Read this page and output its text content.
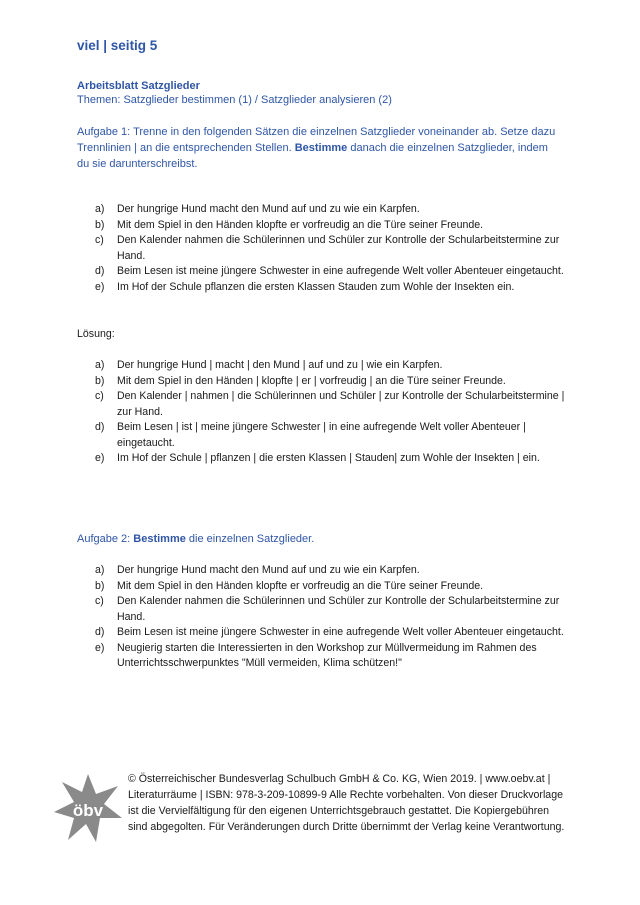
viel | seitig 5
Arbeitsblatt Satzglieder
Themen: Satzglieder bestimmen (1) / Satzglieder analysieren (2)
Aufgabe 1: Trenne in den folgenden Sätzen die einzelnen Satzglieder voneinander ab. Setze dazu Trennlinien | an die entsprechenden Stellen. Bestimme danach die einzelnen Satzglieder, indem du sie darunterschreibst.
a)	Der hungrige Hund macht den Mund auf und zu wie ein Karpfen.
b)	Mit dem Spiel in den Händen klopfte er vorfreudig an die Türe seiner Freunde.
c)	Den Kalender nahmen die Schülerinnen und Schüler zur Kontrolle der Schularbeitstermine zur Hand.
d)	Beim Lesen ist meine jüngere Schwester in eine aufregende Welt voller Abenteuer eingetaucht.
e)	Im Hof der Schule pflanzen die ersten Klassen Stauden zum Wohle der Insekten ein.
Lösung:
a)	Der hungrige Hund | macht | den Mund | auf und zu | wie ein Karpfen.
b)	Mit dem Spiel in den Händen | klopfte | er | vorfreudig | an die Türe seiner Freunde.
c)	Den Kalender | nahmen | die Schülerinnen und Schüler | zur Kontrolle der Schularbeitstermine | zur Hand.
d)	Beim Lesen | ist | meine jüngere Schwester | in eine aufregende Welt voller Abenteuer | eingetaucht.
e)	Im Hof der Schule | pflanzen | die ersten Klassen | Stauden| zum Wohle der Insekten | ein.
Aufgabe 2: Bestimme die einzelnen Satzglieder.
a)	Der hungrige Hund macht den Mund auf und zu wie ein Karpfen.
b)	Mit dem Spiel in den Händen klopfte er vorfreudig an die Türe seiner Freunde.
c)	Den Kalender nahmen die Schülerinnen und Schüler zur Kontrolle der Schularbeitstermine zur Hand.
d)	Beim Lesen ist meine jüngere Schwester in eine aufregende Welt voller Abenteuer eingetaucht.
e)	Neugierig starten die Interessierten in den Workshop zur Müllvermeidung im Rahmen des Unterrichtsschwerpunktes "Müll vermeiden, Klima schützen!"
öbv
© Österreichischer Bundesverlag Schulbuch GmbH & Co. KG, Wien 2019. | www.oebv.at | Literaturräume | ISBN: 978-3-209-10899-9 Alle Rechte vorbehalten. Von dieser Druckvorlage ist die Vervielfältigung für den eigenen Unterrichtsgebrauch gestattet. Die Kopiergebühren sind abgegolten. Für Veränderungen durch Dritte übernimmt der Verlag keine Verantwortung.
